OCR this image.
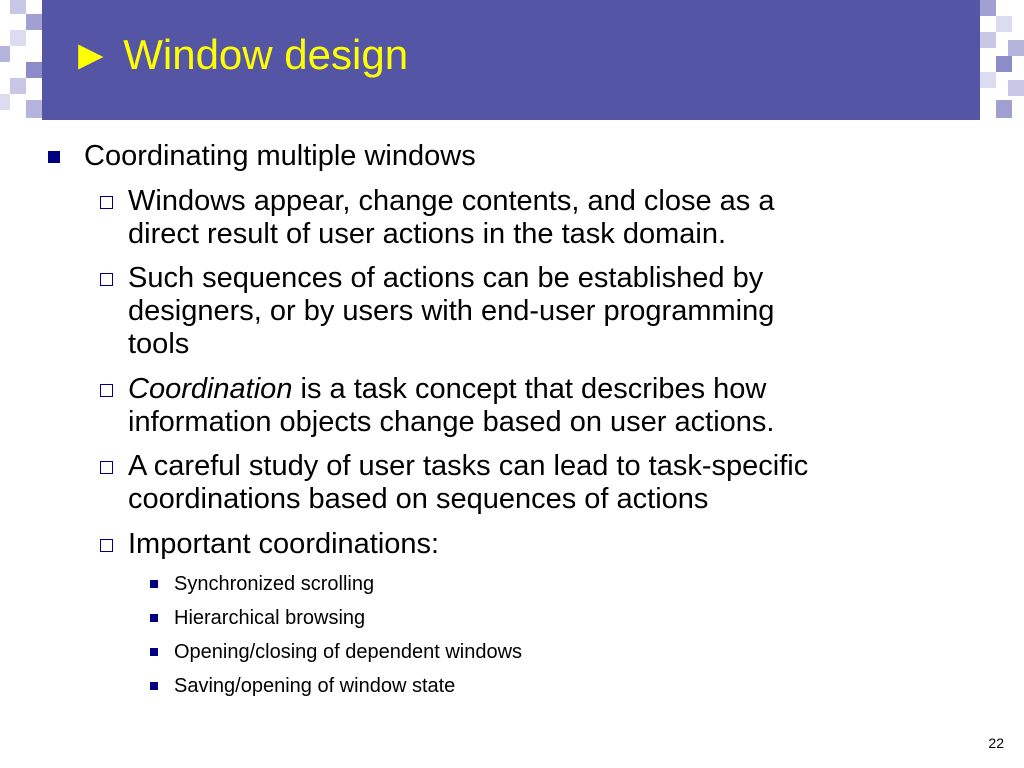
► Window design
Coordinating multiple windows
Windows appear, change contents, and close as a
direct result of user actions in the task domain.
Such sequences of actions can be established by
designers, or by users with end-user programming
tools
Coordination is a task concept that describes how
information objects change based on user actions.
A careful study of user tasks can lead to task-specific
coordinations based on sequences of actions
Important coordinations:
Synchronized scrolling
Hierarchical browsing
Opening/closing of dependent windows
Saving/opening of window state
22
